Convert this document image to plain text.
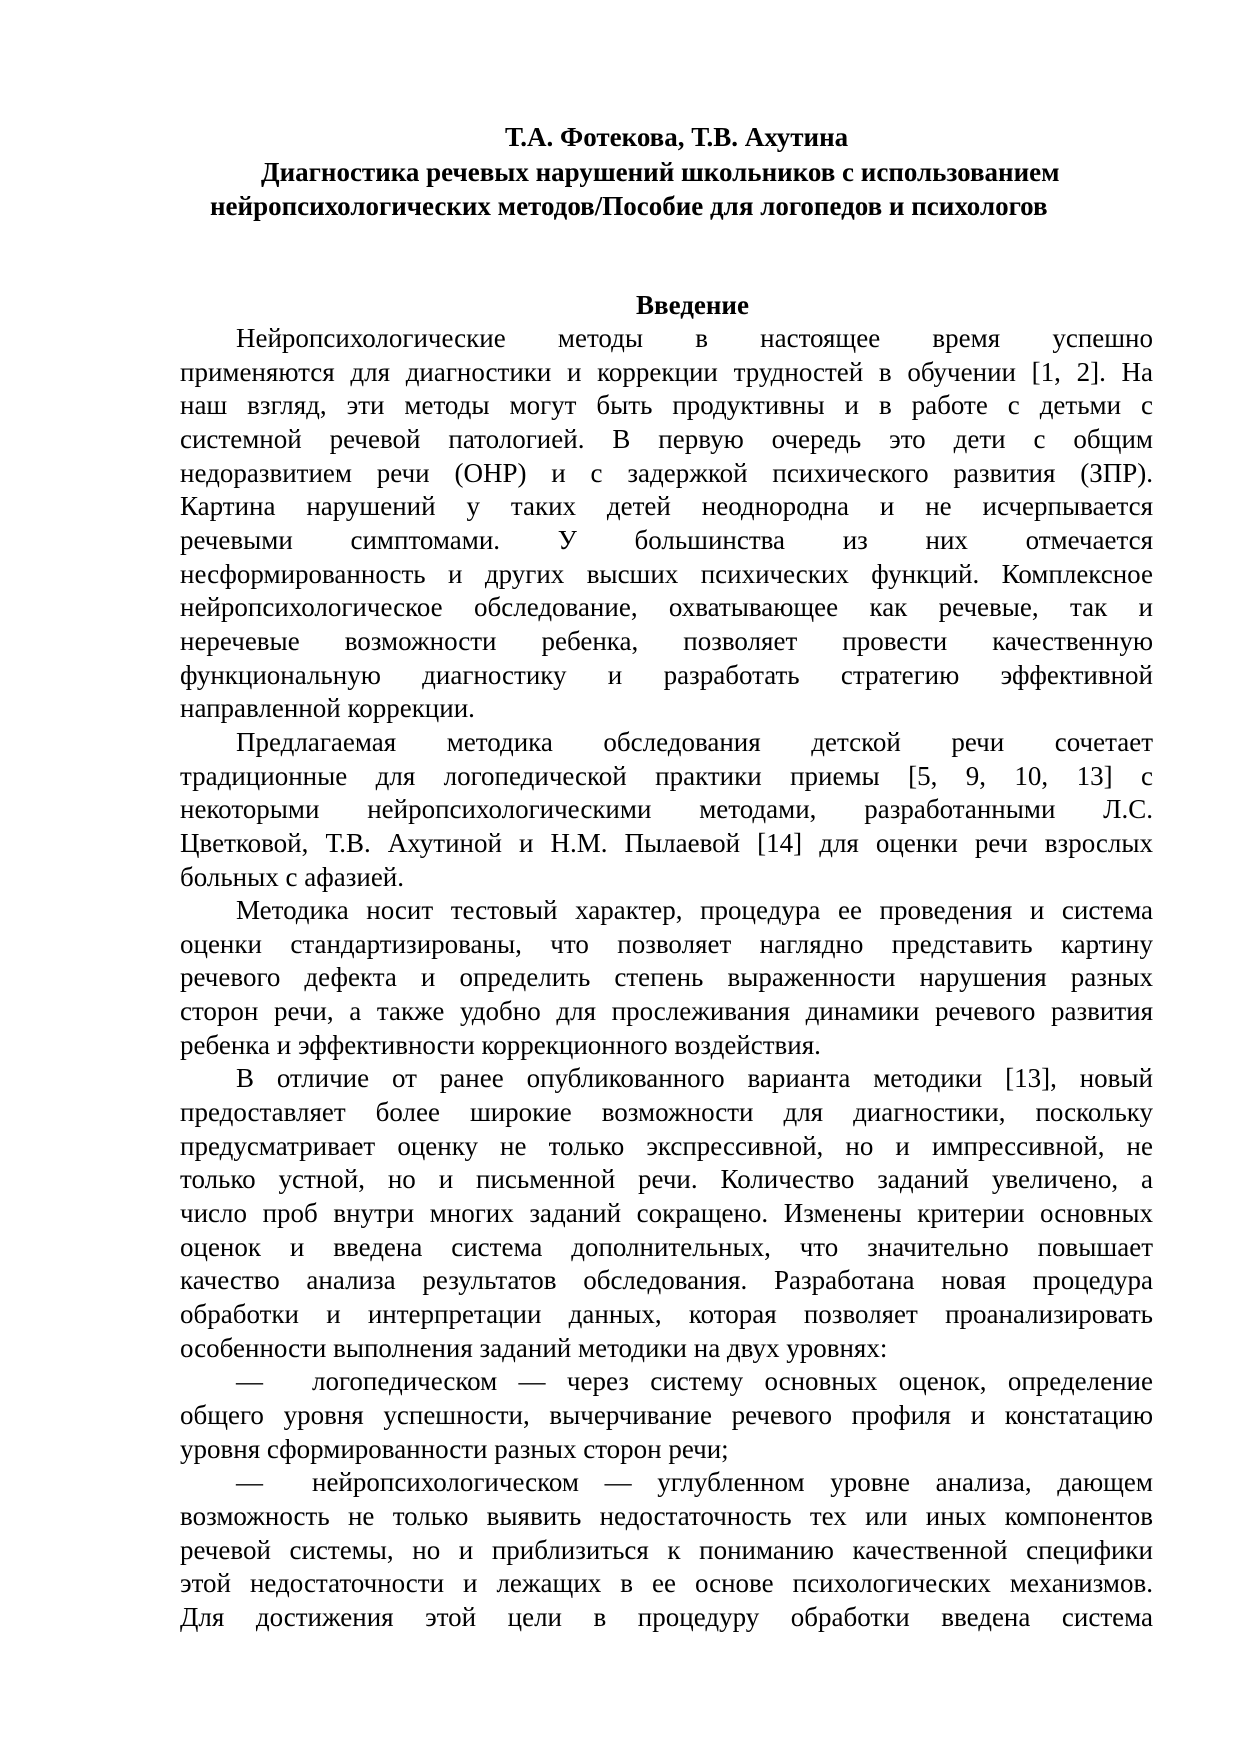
Т.А. Фотекова, Т.В. Ахутина
Диагностика речевых нарушений школьников с использованием
нейропсихологических методов/Пособие для логопедов и психологов
Введение
Нейропсихологические методы в настоящее время успешно
применяются для диагностики и коррекции трудностей в обучении [1, 2]. На
наш взгляд, эти методы могут быть продуктивны и в работе с детьми с
системной речевой патологией. В первую очередь это дети с общим
недоразвитием речи (ОНР) и с задержкой психического развития (ЗПР).
Картина нарушений у таких детей неоднородна и не исчерпывается
речевыми симптомами. У большинства из них отмечается
несформированность и других высших психических функций. Комплексное
нейропсихологическое обследование, охватывающее как речевые, так и
неречевые возможности ребенка, позволяет провести качественную
функциональную диагностику и разработать стратегию эффективной
направленной коррекции.
Предлагаемая методика обследования детской речи сочетает
традиционные для логопедической практики приемы [5, 9, 10, 13] с
некоторыми нейропсихологическими методами, разработанными Л.С.
Цветковой, Т.В. Ахутиной и Н.М. Пылаевой [14] для оценки речи взрослых
больных с афазией.
Методика носит тестовый характер, процедура ее проведения и система
оценки стандартизированы, что позволяет наглядно представить картину
речевого дефекта и определить степень выраженности нарушения разных
сторон речи, а также удобно для прослеживания динамики речевого развития
ребенка и эффективности коррекционного воздействия.
В отличие от ранее опубликованного варианта методики [13], новый
предоставляет более широкие возможности для диагностики, поскольку
предусматривает оценку не только экспрессивной, но и импрессивной, не
только устной, но и письменной речи. Количество заданий увеличено, а
число проб внутри многих заданий сокращено. Изменены критерии основных
оценок и введена система дополнительных, что значительно повышает
качество анализа результатов обследования. Разработана новая процедура
обработки и интерпретации данных, которая позволяет проанализировать
особенности выполнения заданий методики на двух уровнях:
—	логопедическом — через систему основных оценок, определение
общего уровня успешности, вычерчивание речевого профиля и констатацию
уровня сформированности разных сторон речи;
—	нейропсихологическом — углубленном уровне анализа, дающем
возможность не только выявить недостаточность тех или иных компонентов
речевой системы, но и приблизиться к пониманию качественной специфики
этой недостаточности и лежащих в ее основе психологических механизмов.
Для достижения этой цели в процедуру обработки введена система
